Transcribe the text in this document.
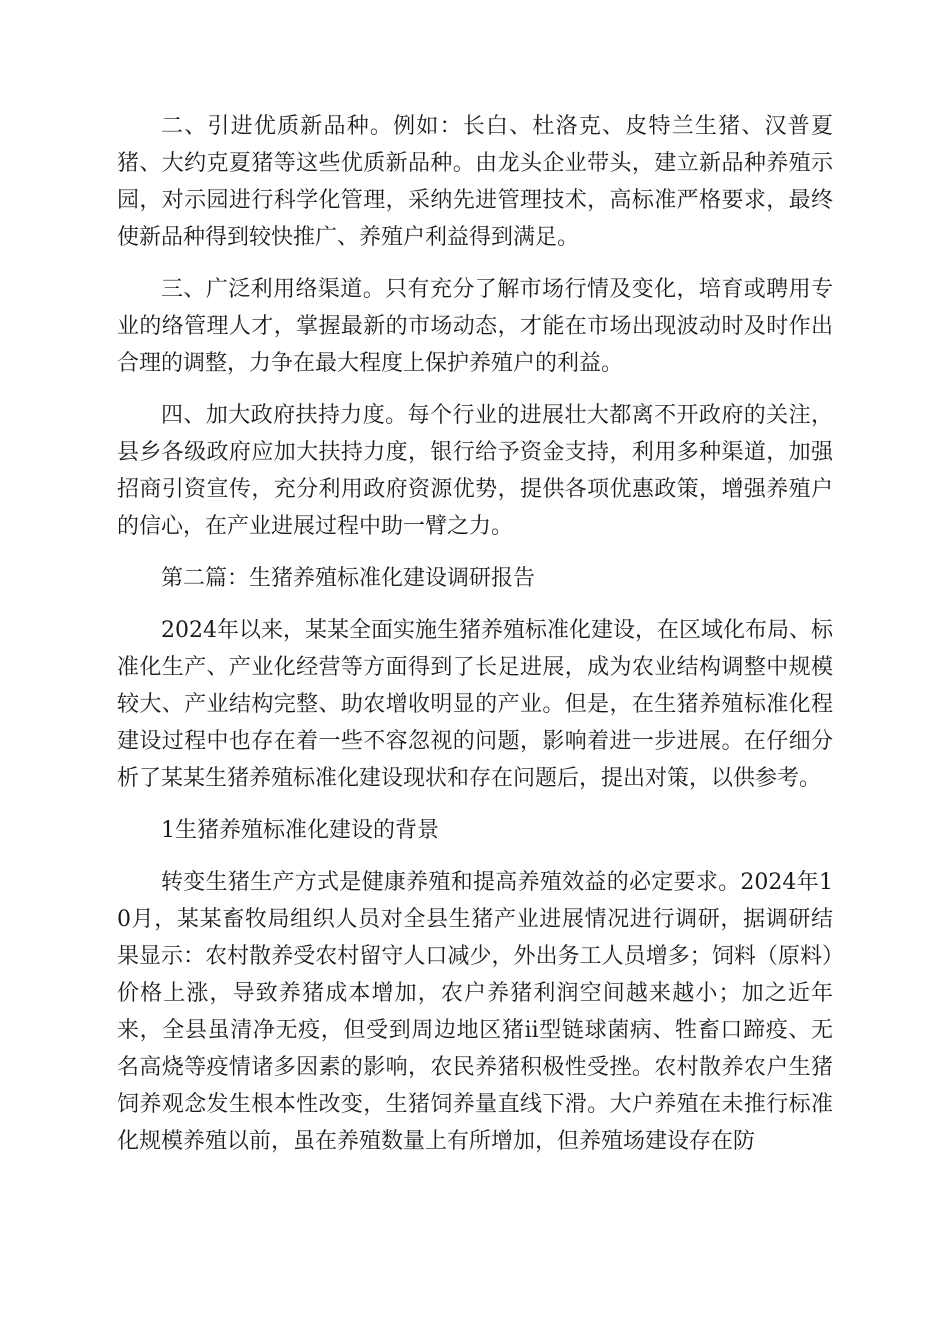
二、引进优质新品种。例如：长白、杜洛克、皮特兰生猪、汉普夏猪、大约克夏猪等这些优质新品种。由龙头企业带头，建立新品种养殖示园，对示园进行科学化管理，采纳先进管理技术，高标准严格要求，最终使新品种得到较快推广、养殖户利益得到满足。

三、广泛利用络渠道。只有充分了解市场行情及变化，培育或聘用专业的络管理人才，掌握最新的市场动态，才能在市场出现波动时及时作出合理的调整，力争在最大程度上保护养殖户的利益。

四、加大政府扶持力度。每个行业的进展壮大都离不开政府的关注，县乡各级政府应加大扶持力度，银行给予资金支持，利用多种渠道，加强招商引资宣传，充分利用政府资源优势，提供各项优惠政策，增强养殖户的信心，在产业进展过程中助一臂之力。

第二篇：生猪养殖标准化建设调研报告

2024年以来，某某全面实施生猪养殖标准化建设，在区域化布局、标准化生产、产业化经营等方面得到了长足进展，成为农业结构调整中规模较大、产业结构完整、助农增收明显的产业。但是，在生猪养殖标准化程建设过程中也存在着一些不容忽视的问题，影响着进一步进展。在仔细分析了某某生猪养殖标准化建设现状和存在问题后，提出对策，以供参考。

1生猪养殖标准化建设的背景

转变生猪生产方式是健康养殖和提高养殖效益的必定要求。2024年10月，某某畜牧局组织人员对全县生猪产业进展情况进行调研，据调研结果显示：农村散养受农村留守人口减少，外出务工人员增多；饲料（原料）价格上涨，导致养猪成本增加，农户养猪利润空间越来越小；加之近年来，全县虽清净无疫，但受到周边地区猪ii型链球菌病、牲畜口蹄疫、无名高烧等疫情诸多因素的影响，农民养猪积极性受挫。农村散养农户生猪饲养观念发生根本性改变，生猪饲养量直线下滑。大户养殖在未推行标准化规模养殖以前，虽在养殖数量上有所增加，但养殖场建设存在防
